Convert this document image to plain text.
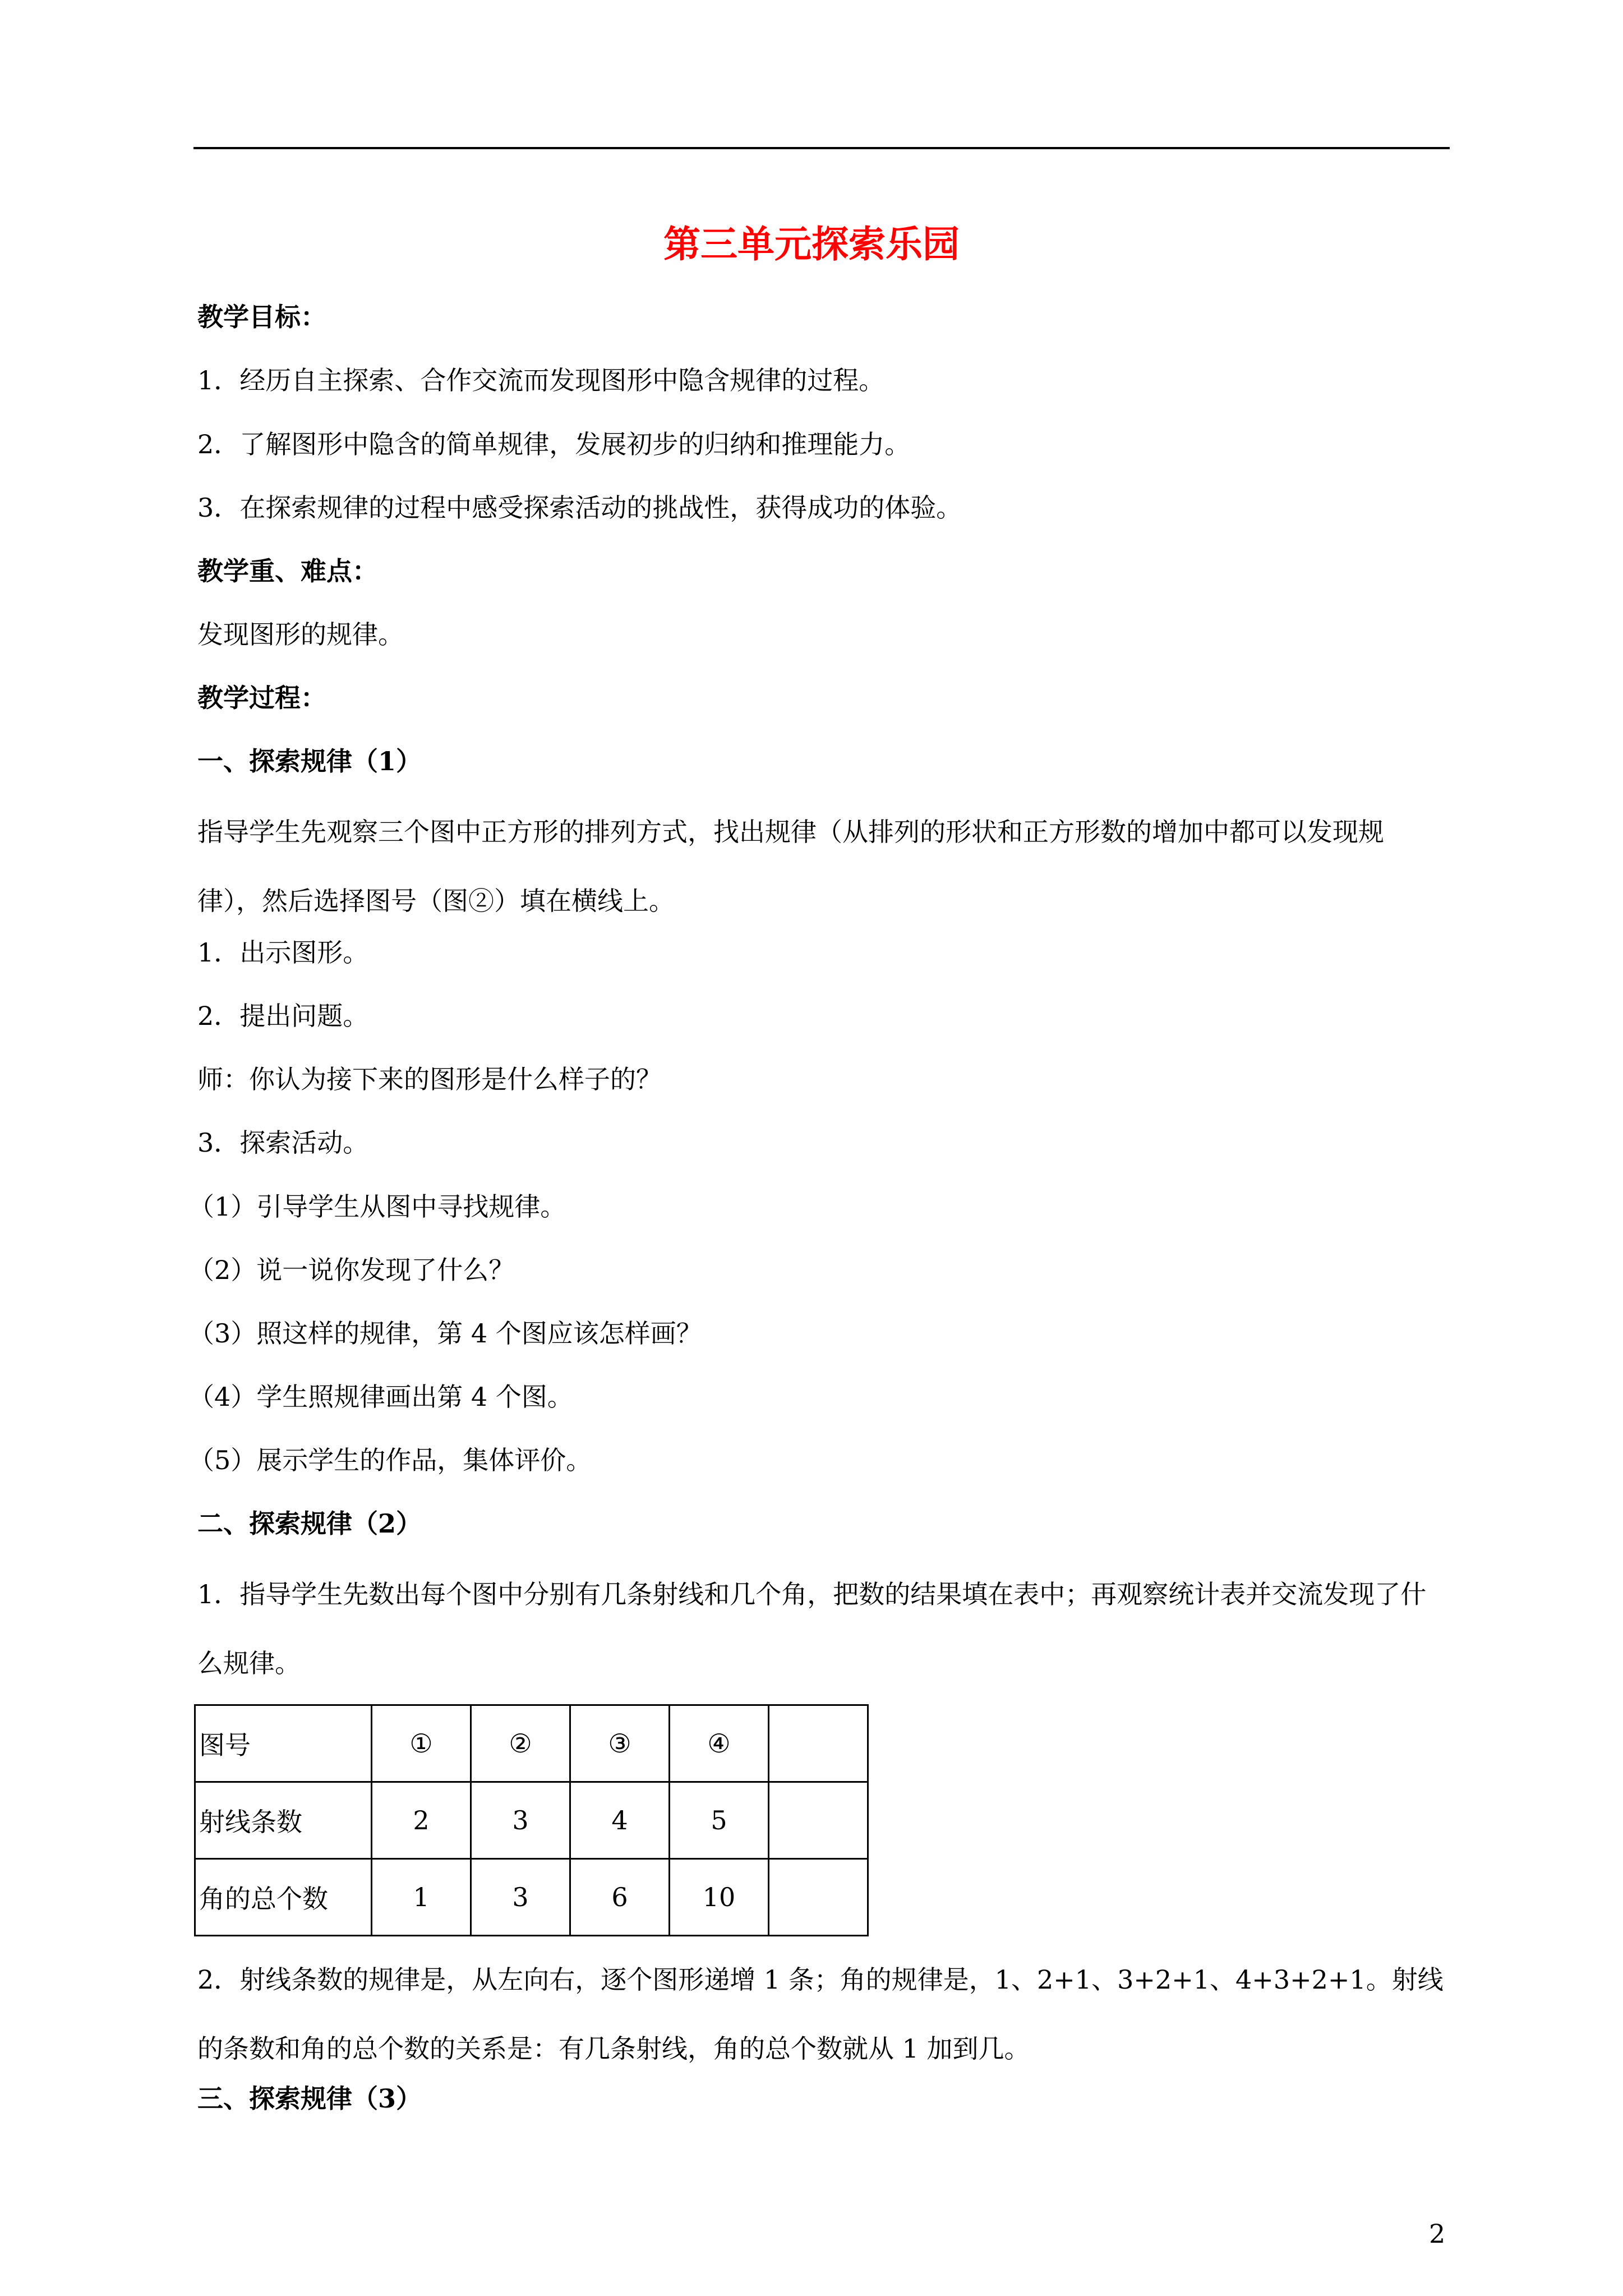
第三单元探索乐园
教学目标：
1．经历自主探索、合作交流而发现图形中隐含规律的过程。
2．了解图形中隐含的简单规律，发展初步的归纳和推理能力。
3．在探索规律的过程中感受探索活动的挑战性，获得成功的体验。
教学重、难点：
发现图形的规律。
教学过程：
一、探索规律（1）

指导学生先观察三个图中正方形的排列方式，找出规律（从排列的形状和正方形数的增加中都可以发现规律），然后选择图号（图②）填在横线上。

1．出示图形。
2．提出问题。
师：你认为接下来的图形是什么样子的？
3．探索活动。
（1）引导学生从图中寻找规律。
（2）说一说你发现了什么？
（3）照这样的规律，第 4 个图应该怎样画？
（4）学生照规律画出第 4 个图。
（5）展示学生的作品，集体评价。
二、探索规律（2）

1．指导学生先数出每个图中分别有几条射线和几个角，把数的结果填在表中；再观察统计表并交流发现了什么规律。

图号	①	②	③	④	
射线条数	2	3	4	5	
角的总个数	1	3	6	10	

2．射线条数的规律是，从左向右，逐个图形递增 1 条；角的规律是，1、2+1、3+2+1、4+3+2+1。射线的条数和角的总个数的关系是：有几条射线，角的总个数就从 1 加到几。

三、探索规律（3）
2
